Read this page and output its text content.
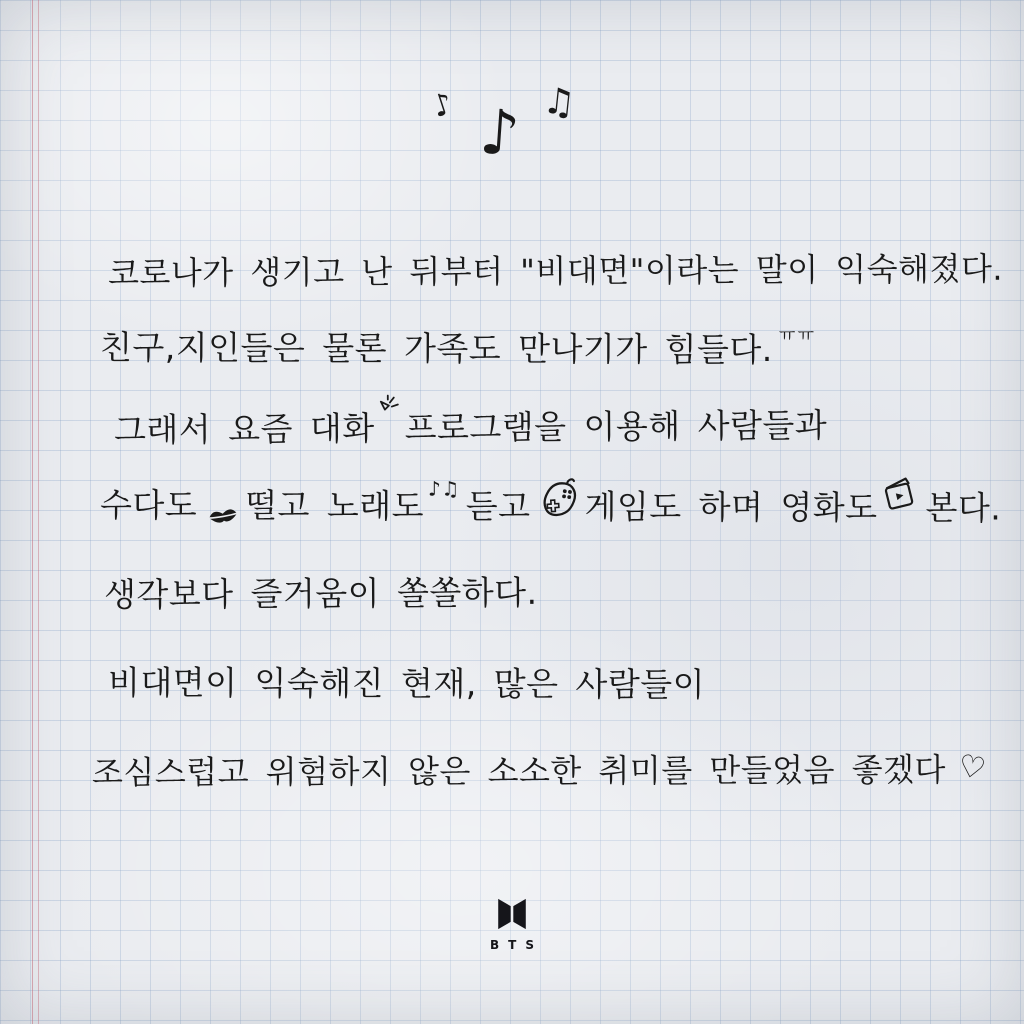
♪ ♪ ♫
코로나가 생기고 난 뒤부터 "비대면"이라는 말이 익숙해졌다.
친구,지인들은 물론 가족도 만나기가 힘들다. ㅠㅠ
그래서 요즘 대화 프로그램을 이용해 사람들과
수다도 떨고 노래도 ♪♫ 듣고 게임도 하며 영화도 본다.
생각보다 즐거움이 쏠쏠하다.
비대면이 익숙해진 현재, 많은 사람들이
조심스럽고 위험하지 않은 소소한 취미를 만들었음 좋겠다 ♡
BTS
